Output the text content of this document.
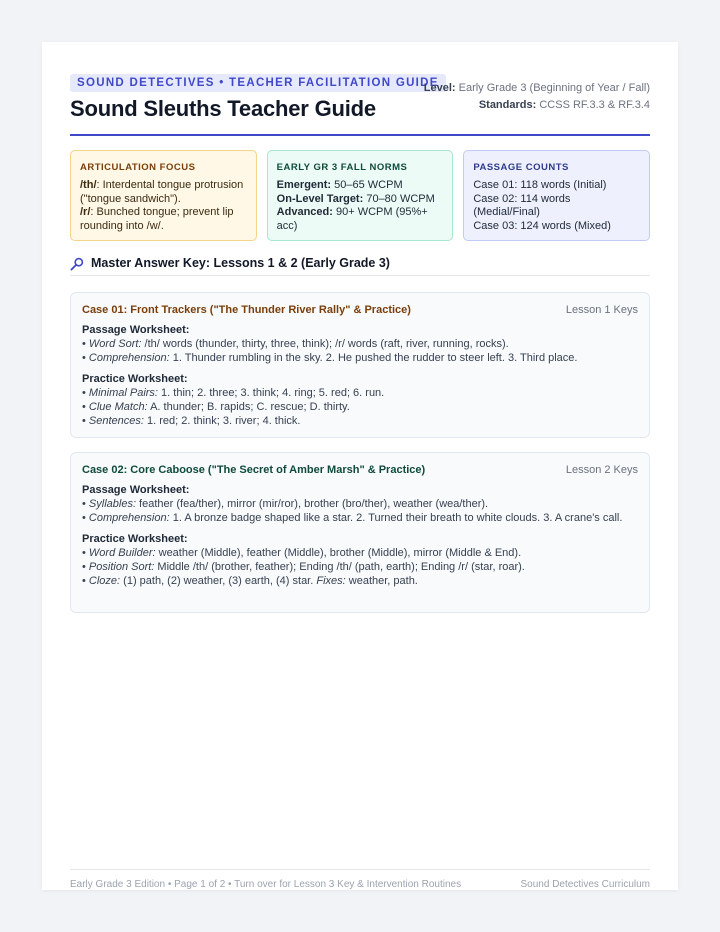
SOUND DETECTIVES • TEACHER FACILITATION GUIDE
Sound Sleuths Teacher Guide
Level: Early Grade 3 (Beginning of Year / Fall)
Standards: CCSS RF.3.3 & RF.3.4
ARTICULATION FOCUS
/th/: Interdental tongue protrusion ("tongue sandwich").
/r/: Bunched tongue; prevent lip rounding into /w/.
EARLY GR 3 FALL NORMS
Emergent: 50–65 WCPM
On-Level Target: 70–80 WCPM
Advanced: 90+ WCPM (95%+ acc)
PASSAGE COUNTS
Case 01: 118 words (Initial)
Case 02: 114 words (Medial/Final)
Case 03: 124 words (Mixed)
Master Answer Key: Lessons 1 & 2 (Early Grade 3)
Case 01: Front Trackers ("The Thunder River Rally" & Practice)	Lesson 1 Keys
Passage Worksheet:
• Word Sort: /th/ words (thunder, thirty, three, think); /r/ words (raft, river, running, rocks).
• Comprehension: 1. Thunder rumbling in the sky. 2. He pushed the rudder to steer left. 3. Third place.
Practice Worksheet:
• Minimal Pairs: 1. thin; 2. three; 3. think; 4. ring; 5. red; 6. run.
• Clue Match: A. thunder; B. rapids; C. rescue; D. thirty.
• Sentences: 1. red; 2. think; 3. river; 4. thick.
Case 02: Core Caboose ("The Secret of Amber Marsh" & Practice)	Lesson 2 Keys
Passage Worksheet:
• Syllables: feather (fea/ther), mirror (mir/ror), brother (bro/ther), weather (wea/ther).
• Comprehension: 1. A bronze badge shaped like a star. 2. Turned their breath to white clouds. 3. A crane's call.
Practice Worksheet:
• Word Builder: weather (Middle), feather (Middle), brother (Middle), mirror (Middle & End).
• Position Sort: Middle /th/ (brother, feather); Ending /th/ (path, earth); Ending /r/ (star, roar).
• Cloze: (1) path, (2) weather, (3) earth, (4) star. Fixes: weather, path.
Early Grade 3 Edition • Page 1 of 2 • Turn over for Lesson 3 Key & Intervention Routines	Sound Detectives Curriculum
